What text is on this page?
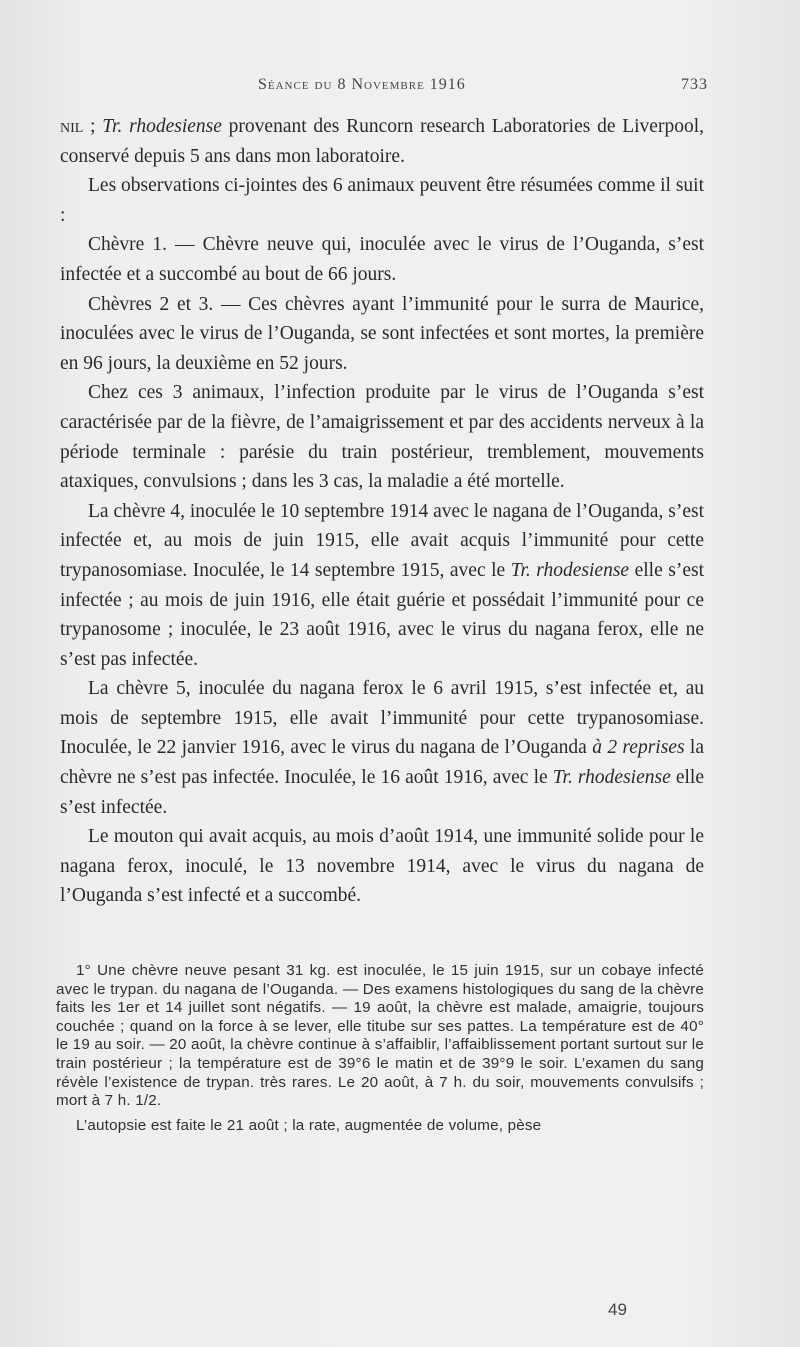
Séance du 8 Novembre 1916	733

nil ; Tr. rhodesiense provenant des Runcorn research Laboratories de Liverpool, conservé depuis 5 ans dans mon laboratoire.

Les observations ci-jointes des 6 animaux peuvent être résumées comme il suit :

Chèvre 1. — Chèvre neuve qui, inoculée avec le virus de l’Ouganda, s’est infectée et a succombé au bout de 66 jours.

Chèvres 2 et 3. — Ces chèvres ayant l’immunité pour le surra de Maurice, inoculées avec le virus de l’Ouganda, se sont infectées et sont mortes, la première en 96 jours, la deuxième en 52 jours.

Chez ces 3 animaux, l’infection produite par le virus de l’Ouganda s’est caractérisée par de la fièvre, de l’amaigrissement et par des accidents nerveux à la période terminale : parésie du train postérieur, tremblement, mouvements ataxiques, convulsions ; dans les 3 cas, la maladie a été mortelle.

La chèvre 4, inoculée le 10 septembre 1914 avec le nagana de l’Ouganda, s’est infectée et, au mois de juin 1915, elle avait acquis l’immunité pour cette trypanosomiase. Inoculée, le 14 septembre 1915, avec le Tr. rhodesiense elle s’est infectée ; au mois de juin 1916, elle était guérie et possédait l’immunité pour ce trypanosome ; inoculée, le 23 août 1916, avec le virus du nagana ferox, elle ne s’est pas infectée.

La chèvre 5, inoculée du nagana ferox le 6 avril 1915, s’est infectée et, au mois de septembre 1915, elle avait l’immunité pour cette trypanosomiase. Inoculée, le 22 janvier 1916, avec le virus du nagana de l’Ouganda à 2 reprises la chèvre ne s’est pas infectée. Inoculée, le 16 août 1916, avec le Tr. rhodesiense elle s’est infectée.

Le mouton qui avait acquis, au mois d’août 1914, une immunité solide pour le nagana ferox, inoculé, le 13 novembre 1914, avec le virus du nagana de l’Ouganda s’est infecté et a succombé.

1° Une chèvre neuve pesant 31 kg. est inoculée, le 15 juin 1915, sur un cobaye infecté avec le trypan. du nagana de l’Ouganda. — Des examens histologiques du sang de la chèvre faits les 1er et 14 juillet sont négatifs. — 19 août, la chèvre est malade, amaigrie, toujours couchée ; quand on la force à se lever, elle titube sur ses pattes. La température est de 40° le 19 au soir. — 20 août, la chèvre continue à s’affaiblir, l’affaiblissement portant surtout sur le train postérieur ; la température est de 39°6 le matin et de 39°9 le soir. L’examen du sang révèle l’existence de trypan. très rares. Le 20 août, à 7 h. du soir, mouvements convulsifs ; mort à 7 h. 1/2.

L’autopsie est faite le 21 août ; la rate, augmentée de volume, pèse

49
